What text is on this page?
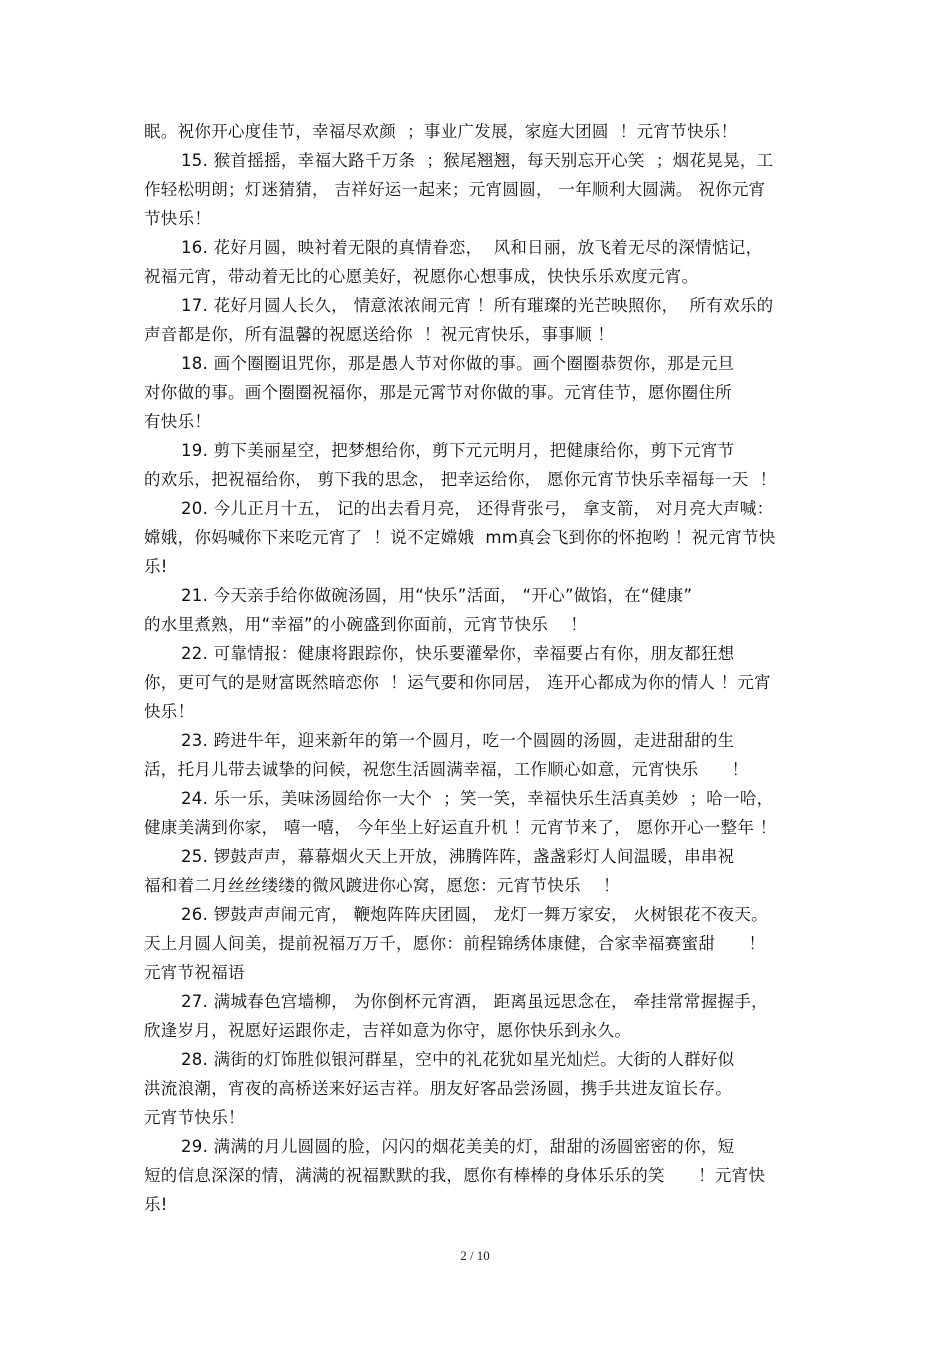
眠。祝你开心度佳节，幸福尽欢颜  ；事业广发展，家庭大团圆  ！元宵节快乐！
15. 猴首摇摇，幸福大路千万条  ；猴尾翘翘，每天别忘开心笑  ；烟花晃晃，工
作轻松明朗；灯迷猜猜， 吉祥好运一起来；元宵圆圆， 一年顺利大圆满。 祝你元宵
节快乐！
16. 花好月圆，映衬着无限的真情眷恋，  风和日丽，放飞着无尽的深情惦记，
祝福元宵，带动着无比的心愿美好，祝愿你心想事成，快快乐乐欢度元宵。
17. 花好月圆人长久， 情意浓浓闹元宵 ！所有璀璨的光芒映照你，  所有欢乐的
声音都是你，所有温馨的祝愿送给你  ！祝元宵快乐，事事顺 ！
18. 画个圈圈诅咒你，那是愚人节对你做的事。画个圈圈恭贺你，那是元旦
对你做的事。画个圈圈祝福你，那是元霄节对你做的事。元宵佳节，愿你圈住所
有快乐！
19. 剪下美丽星空，把梦想给你，剪下元元明月，把健康给你，剪下元宵节
的欢乐，把祝福给你， 剪下我的思念， 把幸运给你， 愿你元宵节快乐幸福每一天  ！
20. 今儿正月十五， 记的出去看月亮， 还得背张弓， 拿支箭， 对月亮大声喊：
嫦娥，你妈喊你下来吃元宵了  ！说不定嫦娥  mm真会飞到你的怀抱哟 ！祝元宵节快
乐!
21. 今天亲手给你做碗汤圆，用“快乐”活面， “开心”做馅，在“健康”
的水里煮熟，用“幸福”的小碗盛到你面前，元宵节快乐    ！
22. 可靠情报：健康将跟踪你，快乐要灌晕你，幸福要占有你，朋友都狂想
你，更可气的是财富既然暗恋你  ！运气要和你同居， 连开心都成为你的情人 ！元宵
快乐！
23. 跨进牛年，迎来新年的第一个圆月，吃一个圆圆的汤圆，走进甜甜的生
活，托月儿带去诚挚的问候，祝您生活圆满幸福，工作顺心如意，元宵快乐      ！
24. 乐一乐，美味汤圆给你一大个  ；笑一笑，幸福快乐生活真美妙  ；哈一哈，
健康美满到你家， 嘻一嘻， 今年坐上好运直升机 ！元宵节来了， 愿你开心一整年 ！
25. 锣鼓声声，幕幕烟火天上开放，沸腾阵阵，盏盏彩灯人间温暖，串串祝
福和着二月丝丝缕缕的微风踱进你心窝，愿您：元宵节快乐    ！
26. 锣鼓声声闹元宵， 鞭炮阵阵庆团圆， 龙灯一舞万家安， 火树银花不夜天。
天上月圆人间美，提前祝福万万千，愿你：前程锦绣体康健，合家幸福赛蜜甜      ！
元宵节祝福语
27. 满城春色宫墙柳， 为你倒杯元宵酒， 距离虽远思念在， 牵挂常常握握手，
欣逢岁月，祝愿好运跟你走，吉祥如意为你守，愿你快乐到永久。
28. 满街的灯饰胜似银河群星，空中的礼花犹如星光灿烂。大街的人群好似
洪流浪潮，宵夜的高桥送来好运吉祥。朋友好客品尝汤圆，携手共进友谊长存。
元宵节快乐！
29. 满满的月儿圆圆的脸，闪闪的烟花美美的灯，甜甜的汤圆密密的你，短
短的信息深深的情，满满的祝福默默的我，愿你有棒棒的身体乐乐的笑      ！元宵快
乐!
2 / 10
